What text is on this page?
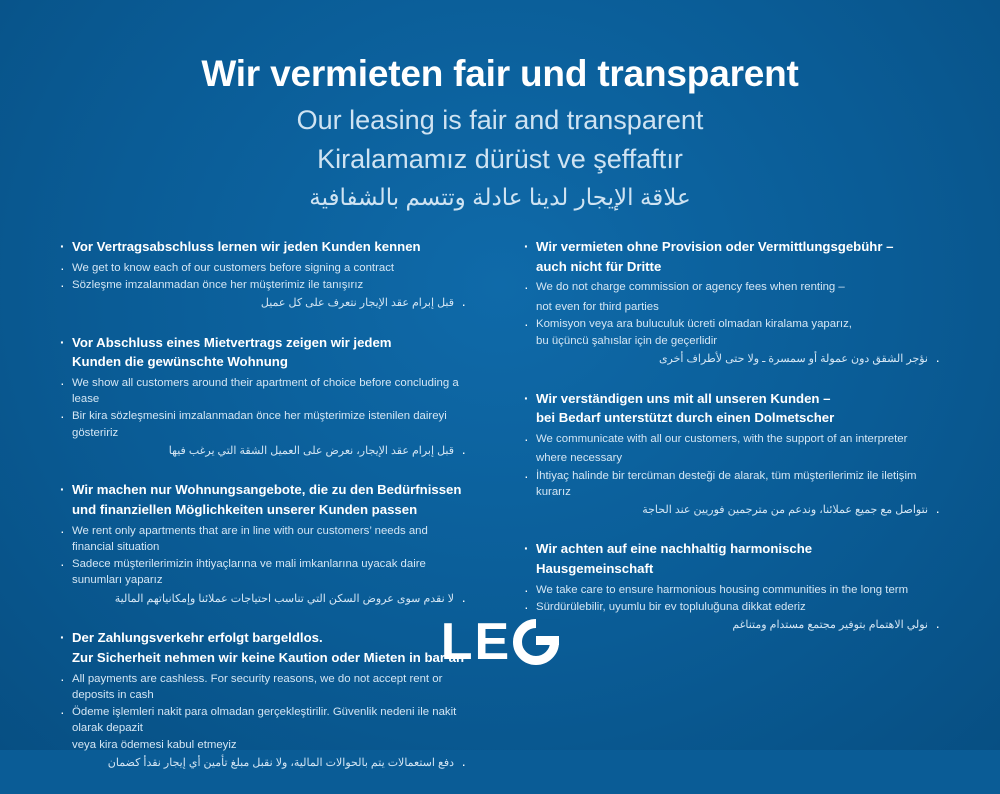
Wir vermieten fair und transparent
Our leasing is fair and transparent
Kiralamamız dürüst ve şeffaftır
علاقة الإيجار لدينا عادلة وتتسم بالشفافية
· Vor Vertragsabschluss lernen wir jeden Kunden kennen
· We get to know each of our customers before signing a contract
· Sözleşme imzalanmadan önce her müşterimiz ile tanışırız
· قبل إبرام عقد الإيجار نتعرف على كل عميل
· Vor Abschluss eines Mietvertrags zeigen wir jedem
Kunden die gewünschte Wohnung
· We show all customers around their apartment of choice before concluding a lease
· Bir kira sözleşmesini imzalanmadan önce her müşterimize istenilen daireyi gösteririz
· قبل إبرام عقد الإيجار، نعرض على العميل الشقة التي يرغب فيها
· Wir machen nur Wohnungsangebote, die zu den Bedürfnissen
und finanziellen Möglichkeiten unserer Kunden passen
· We rent only apartments that are in line with our customers’ needs and financial situation
· Sadece müşterilerimizin ihtiyaçlarına ve mali imkanlarına uyacak daire sunumları yaparız
· لا نقدم سوى عروض السكن التي تناسب احتياجات عملائنا وإمكانياتهم المالية
· Der Zahlungsverkehr erfolgt bargeldlos.
Zur Sicherheit nehmen wir keine Kaution oder Mieten in bar an
· All payments are cashless. For security reasons, we do not accept rent or deposits in cash
· Ödeme işlemleri nakit para olmadan gerçekleştirilir. Güvenlik nedeni ile nakit olarak depazit
veya kira ödemesi kabul etmeyiz
· دفع استعمالات يتم بالحوالات المالية، ولا نقبل مبلغ تأمين أي إيجار نقدأ كضمان
· Wir vermieten ohne Provision oder Vermittlungsgebühr –
auch nicht für Dritte
· We do not charge commission or agency fees when renting –
not even for third parties
· Komisyon veya ara buluculuk ücreti olmadan kiralama yaparız,
bu üçüncü şahıslar için de geçerlidir
· نؤجر الشقق دون عمولة أو سمسرة ـ ولا حتى لأطراف أخرى
· Wir verständigen uns mit all unseren Kunden –
bei Bedarf unterstützt durch einen Dolmetscher
· We communicate with all our customers, with the support of an interpreter
where necessary
· İhtiyaç halinde bir tercüman desteği de alarak, tüm müşterilerimiz ile iletişim kurarız
· نتواصل مع جميع عملائنا، وندعم من مترجمين فوريين عند الحاجة
· Wir achten auf eine nachhaltig harmonische
Hausgemeinschaft
· We take care to ensure harmonious housing communities in the long term
· Sürdürülebilir, uyumlu bir ev topluluğuna dikkat ederiz
· نولي الاهتمام بتوفير مجتمع مستدام ومتناغم
LE
